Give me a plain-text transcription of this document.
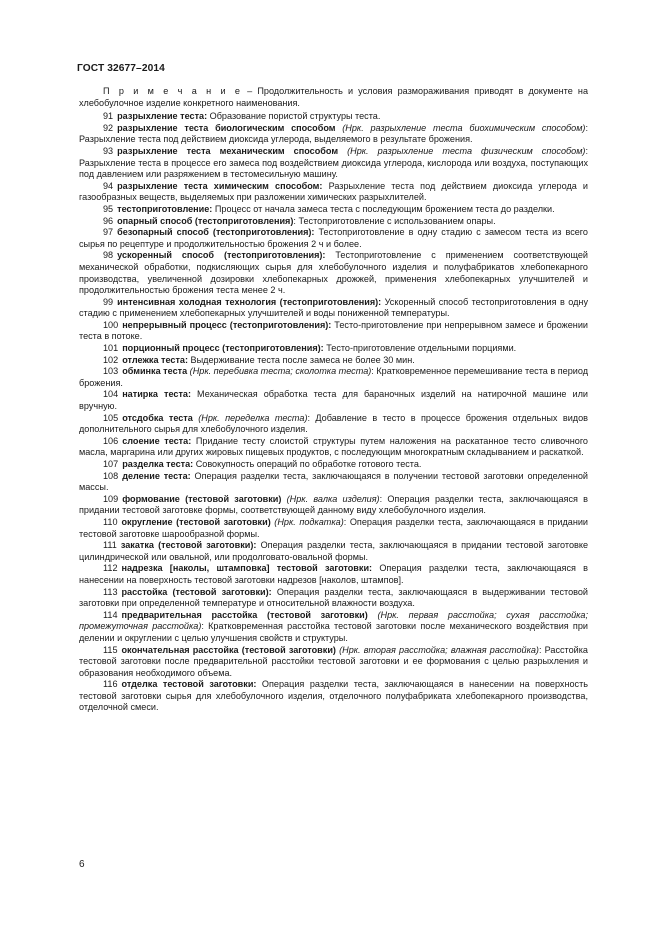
ГОСТ 32677–2014

П р и м е ч а н и е – Продолжительность и условия размораживания приводят в документе на хлебобулочное изделие конкретного наименования.

91 разрыхление теста: Образование пористой структуры теста.

92 разрыхление теста биологическим способом (Нрк. разрыхление теста биохимическим способом): Разрыхление теста под действием диоксида углерода, выделяемого в результате брожения.

93 разрыхление теста механическим способом (Нрк. разрыхление теста физическим способом): Разрыхление теста в процессе его замеса под воздействием диоксида углерода, кислорода или воздуха, поступающих под давлением или разряжением в тестомесильную машину.

94 разрыхление теста химическим способом: Разрыхление теста под действием диоксида углерода и газообразных веществ, выделяемых при разложении химических разрыхлителей.

95 тестоприготовление: Процесс от начала замеса теста с последующим брожением теста до разделки.

96 опарный способ (тестоприготовления): Тестоприготовление с использованием опары.

97 безопарный способ (тестоприготовления): Тестоприготовление в одну стадию с замесом теста из всего сырья по рецептуре и продолжительностью брожения 2 ч и более.

98 ускоренный способ (тестоприготовления): Тестоприготовление с применением соответствующей механической обработки, подкисляющих сырья для хлебобулочного изделия и полуфабрикатов хлебопекарного производства, увеличенной дозировки хлебопекарных дрожжей, применения хлебопекарных улучшителей и продолжительностью брожения теста менее 2 ч.

99 интенсивная холодная технология (тестоприготовления): Ускоренный способ тестоприготовления в одну стадию с применением хлебопекарных улучшителей и воды пониженной температуры.

100 непрерывный процесс (тестоприготовления): Тесто-приготовление при непрерывном замесе и брожении теста в потоке.

101 порционный процесс (тестоприготовления): Тесто-приготовление отдельными порциями.

102 отлежка теста: Выдерживание теста после замеса не более 30 мин.

103 обминка теста (Нрк. перебивка теста; сколотка теста): Кратковременное перемешивание теста в период брожения.

104 натирка теста: Механическая обработка теста для бараночных изделий на натирочной машине или вручную.

105 отсдобка теста (Нрк. переделка теста): Добавление в тесто в процессе брожения отдельных видов дополнительного сырья для хлебобулочного изделия.

106 слоение теста: Придание тесту слоистой структуры путем наложения на раскатанное тесто сливочного масла, маргарина или других жировых пищевых продуктов, с последующим многократным складыванием и раскаткой.

107 разделка теста: Совокупность операций по обработке готового теста.

108 деление теста: Операция разделки теста, заключающаяся в получении тестовой заготовки определенной массы.

109 формование (тестовой заготовки) (Нрк. валка изделия): Операция разделки теста, заключающаяся в придании тестовой заготовке формы, соответствующей данному виду хлебобулочного изделия.

110 округление (тестовой заготовки) (Нрк. подкатка): Операция разделки теста, заключающаяся в придании тестовой заготовке шарообразной формы.

111 закатка (тестовой заготовки): Операция разделки теста, заключающаяся в придании тестовой заготовке цилиндрической или овальной, или продолговато-овальной формы.

112 надрезка [наколы, штамповка] тестовой заготовки: Операция разделки теста, заключающаяся в нанесении на поверхность тестовой заготовки надрезов [наколов, штампов].

113 расстойка (тестовой заготовки): Операция разделки теста, заключающаяся в выдерживании тестовой заготовки при определенной температуре и относительной влажности воздуха.

114 предварительная расстойка (тестовой заготовки) (Нрк. первая расстойка; сухая расстойка; промежуточная расстойка): Кратковременная расстойка тестовой заготовки после механического воздействия при делении и округлении с целью улучшения свойств и структуры.

115 окончательная расстойка (тестовой заготовки) (Нрк. вторая расстойка; влажная расстойка): Расстойка тестовой заготовки после предварительной расстойки тестовой заготовки и ее формования с целью разрыхления и образования необходимого объема.

116 отделка тестовой заготовки: Операция разделки теста, заключающаяся в нанесении на поверхность тестовой заготовки сырья для хлебобулочного изделия, отделочного полуфабриката хлебопекарного производства, отделочной смеси.

6
